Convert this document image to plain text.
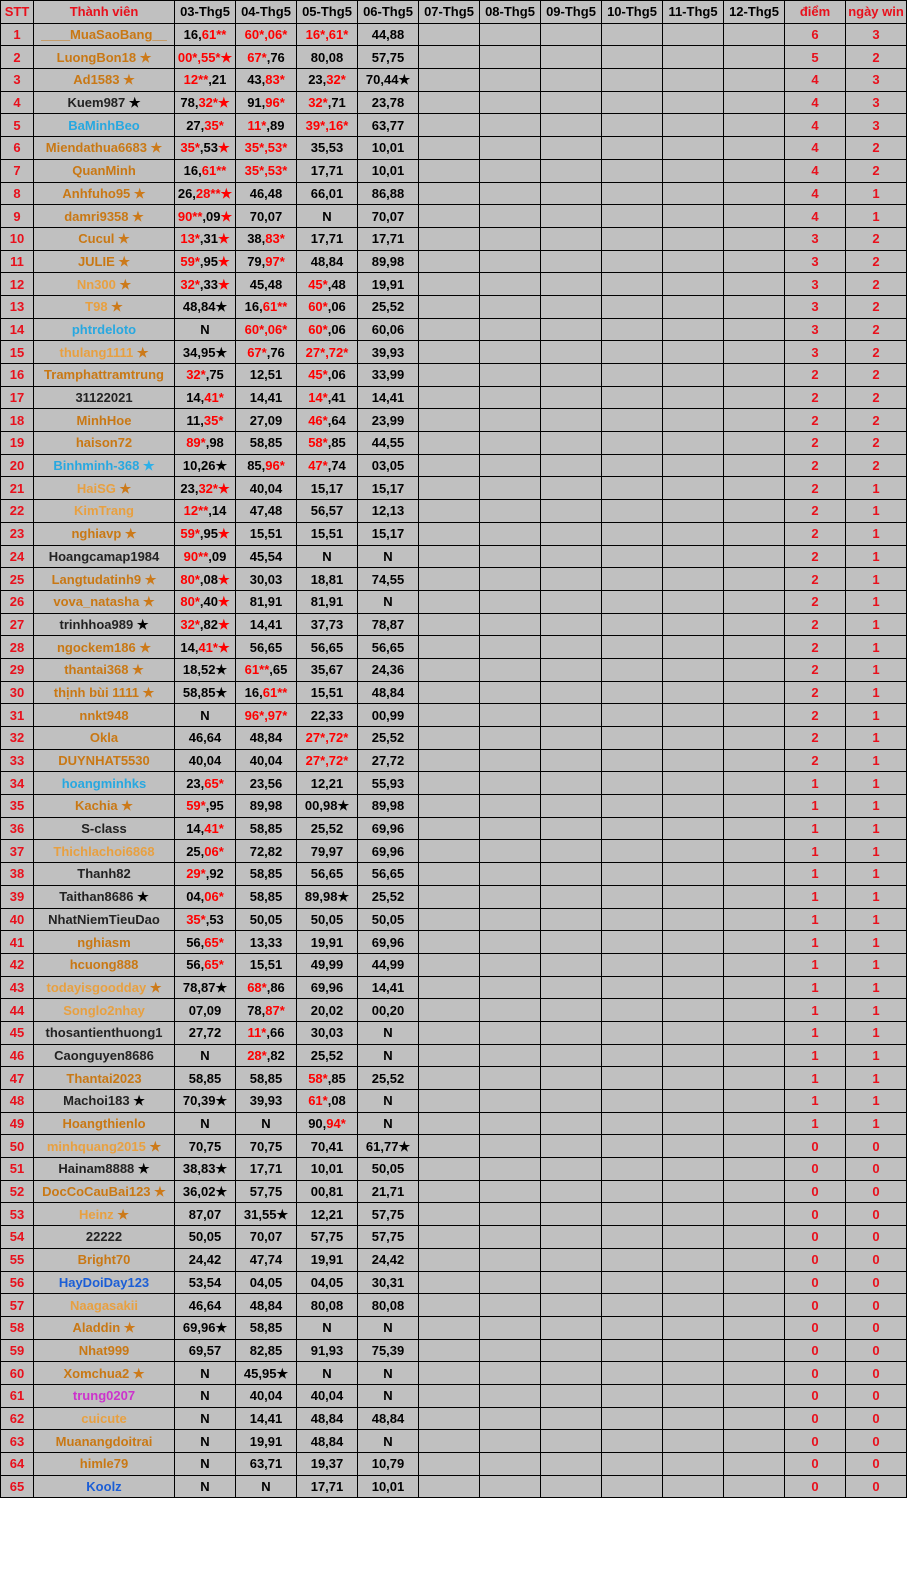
STT	Thành viên	03-Thg5	04-Thg5	05-Thg5	06-Thg5	07-Thg5	08-Thg5	09-Thg5	10-Thg5	11-Thg5	12-Thg5	điểm	ngày win
1	____MuaSaoBang__	16,61**	60*,06*	16*,61*	44,88							6	3
2	LuongBon18 ★	00*,55*★	67*,76	80,08	57,75							5	2
3	Ad1583 ★	12**,21	43,83*	23,32*	70,44★							4	3
4	Kuem987 ★	78,32*★	91,96*	32*,71	23,78							4	3
5	BaMinhBeo	27,35*	11*,89	39*,16*	63,77							4	3
6	Miendathua6683 ★	35*,53★	35*,53*	35,53	10,01							4	2
7	QuanMinh	16,61**	35*,53*	17,71	10,01							4	2
8	Anhfuho95 ★	26,28**★	46,48	66,01	86,88							4	1
9	damri9358 ★	90**,09★	70,07	N	70,07							4	1
10	Cucul ★	13*,31★	38,83*	17,71	17,71							3	2
11	JULIE ★	59*,95★	79,97*	48,84	89,98							3	2
12	Nn300 ★	32*,33★	45,48	45*,48	19,91							3	2
13	T98 ★	48,84★	16,61**	60*,06	25,52							3	2
14	phtrdeloto	N	60*,06*	60*,06	60,06							3	2
15	thulang1111 ★	34,95★	67*,76	27*,72*	39,93							3	2
16	Tramphattramtrung	32*,75	12,51	45*,06	33,99							2	2
17	31122021	14,41*	14,41	14*,41	14,41							2	2
18	MinhHoe	11,35*	27,09	46*,64	23,99							2	2
19	haison72	89*,98	58,85	58*,85	44,55							2	2
20	Binhminh-368 ★	10,26★	85,96*	47*,74	03,05							2	2
21	HaiSG ★	23,32*★	40,04	15,17	15,17							2	1
22	KimTrang	12**,14	47,48	56,57	12,13							2	1
23	nghiavp ★	59*,95★	15,51	15,51	15,17							2	1
24	Hoangcamap1984	90**,09	45,54	N	N							2	1
25	Langtudatinh9 ★	80*,08★	30,03	18,81	74,55							2	1
26	vova_natasha ★	80*,40★	81,91	81,91	N							2	1
27	trinhhoa989 ★	32*,82★	14,41	37,73	78,87							2	1
28	ngockem186 ★	14,41*★	56,65	56,65	56,65							2	1
29	thantai368 ★	18,52★	61**,65	35,67	24,36							2	1
30	thịnh bùi 1111 ★	58,85★	16,61**	15,51	48,84							2	1
31	nnkt948	N	96*,97*	22,33	00,99							2	1
32	Okla	46,64	48,84	27*,72*	25,52							2	1
33	DUYNHAT5530	40,04	40,04	27*,72*	27,72							2	1
34	hoangminhks	23,65*	23,56	12,21	55,93							1	1
35	Kachia ★	59*,95	89,98	00,98★	89,98							1	1
36	S-class	14,41*	58,85	25,52	69,96							1	1
37	Thichlachoi6868	25,06*	72,82	79,97	69,96							1	1
38	Thanh82	29*,92	58,85	56,65	56,65							1	1
39	Taithan8686 ★	04,06*	58,85	89,98★	25,52							1	1
40	NhatNiemTieuDao	35*,53	50,05	50,05	50,05							1	1
41	nghiasm	56,65*	13,33	19,91	69,96							1	1
42	hcuong888	56,65*	15,51	49,99	44,99							1	1
43	todayisgoodday ★	78,87★	68*,86	69,96	14,41							1	1
44	Songlo2nhay	07,09	78,87*	20,02	00,20							1	1
45	thosantienthuong1	27,72	11*,66	30,03	N							1	1
46	Caonguyen8686	N	28*,82	25,52	N							1	1
47	Thantai2023	58,85	58,85	58*,85	25,52							1	1
48	Machoi183 ★	70,39★	39,93	61*,08	N							1	1
49	Hoangthienlo	N	N	90,94*	N							1	1
50	minhquang2015 ★	70,75	70,75	70,41	61,77★							0	0
51	Hainam8888 ★	38,83★	17,71	10,01	50,05							0	0
52	DocCoCauBai123 ★	36,02★	57,75	00,81	21,71							0	0
53	Heinz ★	87,07	31,55★	12,21	57,75							0	0
54	22222	50,05	70,07	57,75	57,75							0	0
55	Bright70	24,42	47,74	19,91	24,42							0	0
56	HayDoiDay123	53,54	04,05	04,05	30,31							0	0
57	Naagasakii	46,64	48,84	80,08	80,08							0	0
58	Aladdin ★	69,96★	58,85	N	N							0	0
59	Nhat999	69,57	82,85	91,93	75,39							0	0
60	Xomchua2 ★	N	45,95★	N	N							0	0
61	trung0207	N	40,04	40,04	N							0	0
62	cuicute	N	14,41	48,84	48,84							0	0
63	Muanangdoitrai	N	19,91	48,84	N							0	0
64	himle79	N	63,71	19,37	10,79							0	0
65	Koolz	N	N	17,71	10,01							0	0
